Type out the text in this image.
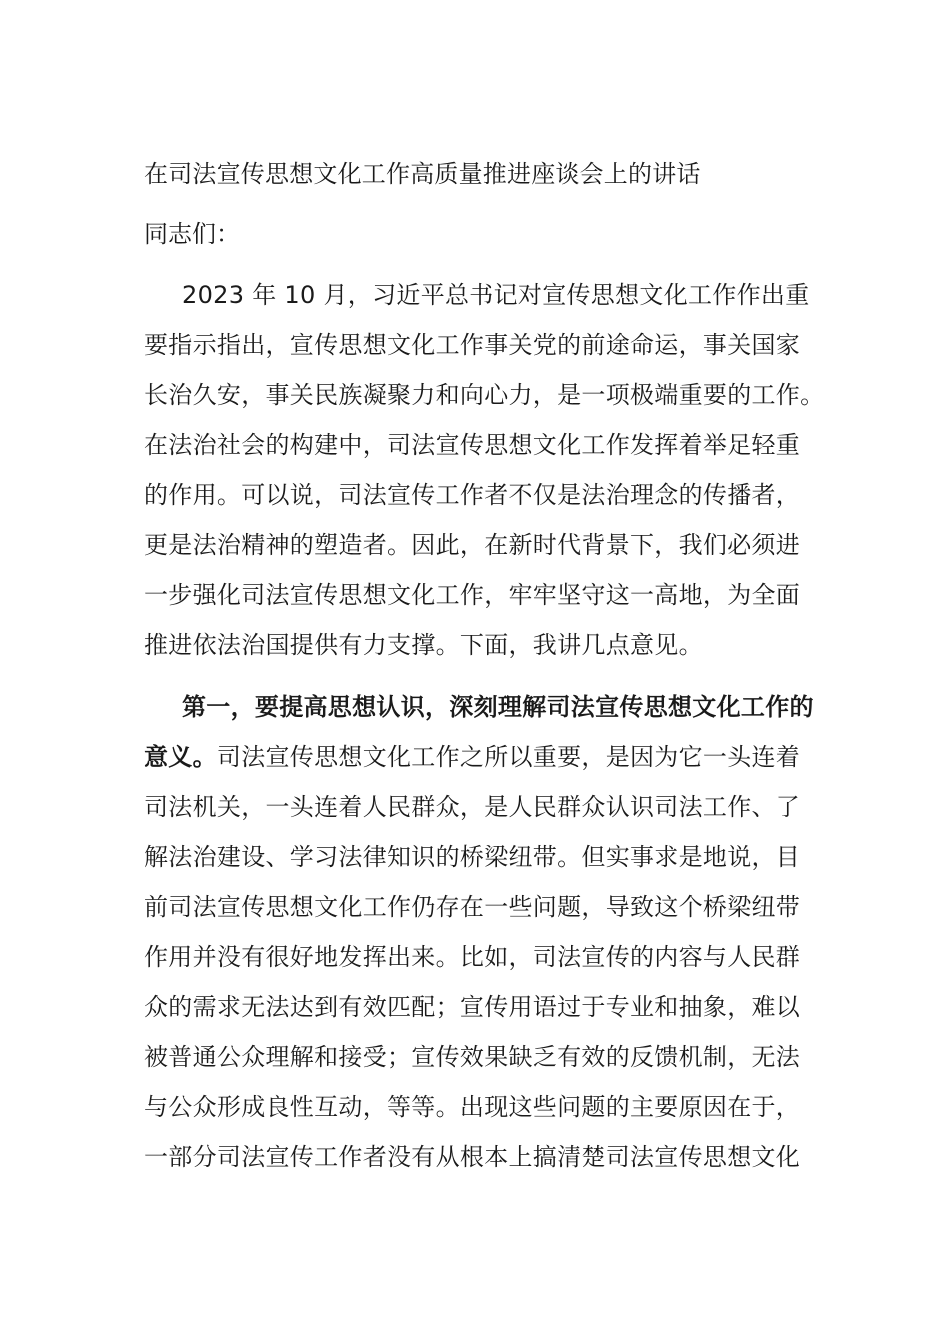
在司法宣传思想文化工作高质量推进座谈会上的讲话
同志们：
2023 年 10 月，习近平总书记对宣传思想文化工作作出重
要指示指出，宣传思想文化工作事关党的前途命运，事关国家
长治久安，事关民族凝聚力和向心力，是一项极端重要的工作。
在法治社会的构建中，司法宣传思想文化工作发挥着举足轻重
的作用。可以说，司法宣传工作者不仅是法治理念的传播者，
更是法治精神的塑造者。因此，在新时代背景下，我们必须进
一步强化司法宣传思想文化工作，牢牢坚守这一高地，为全面
推进依法治国提供有力支撑。下面，我讲几点意见。
第一，要提高思想认识，深刻理解司法宣传思想文化工作的
意义。司法宣传思想文化工作之所以重要，是因为它一头连着
司法机关，一头连着人民群众，是人民群众认识司法工作、了
解法治建设、学习法律知识的桥梁纽带。但实事求是地说，目
前司法宣传思想文化工作仍存在一些问题，导致这个桥梁纽带
作用并没有很好地发挥出来。比如，司法宣传的内容与人民群
众的需求无法达到有效匹配；宣传用语过于专业和抽象，难以
被普通公众理解和接受；宣传效果缺乏有效的反馈机制，无法
与公众形成良性互动，等等。出现这些问题的主要原因在于，
一部分司法宣传工作者没有从根本上搞清楚司法宣传思想文化
